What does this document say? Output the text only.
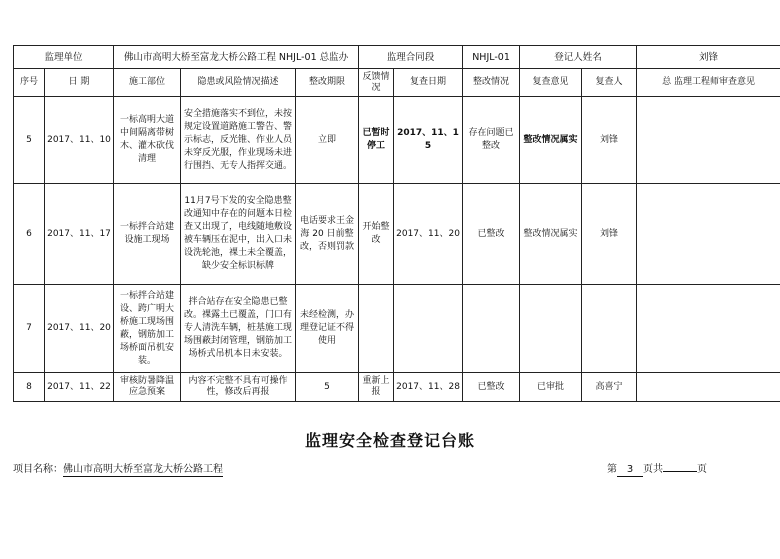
监理单位		佛山市高明大桥至富龙大桥公路工程 NHJL-01 总监办			监理合同段		NHJL-01	登记人姓名		刘锋
序号	日 期	施工部位	隐患或风险情况描述	整改期限	反馈情况	复查日期	整改情况	复查意见	复查人	总 监理工程师审查意见
5	2017、11、10	一标高明大道中间隔离带树木、灌木砍伐清理	安全措施落实不到位，未按规定设置道路施工警告、警示标志，反光锥、作业人员未穿反光服，作业现场未进行围挡、无专人指挥交通。	立即	已暂时停工	2017、11、15	存在问题已整改	整改情况属实	刘锋	
6	2017、11、17	一标拌合站建设施工现场	11月7号下发的安全隐患整改通知中存在的问题本日检查又出现了，电线随地敷设被车辆压在泥中，出入口未设洗轮池，裸土未全覆盖，缺少安全标识标牌	电话要求王金海 20 日前整改，否则罚款	开始整改	2017、11、20	已整改	整改情况属实	刘锋	
7	2017、11、20	一标拌合站建设、跨广明大桥施工现场围蔽，钢筋加工场桥面吊机安装。	拌合站存在安全隐患已整改。裸露土已覆盖，门口有专人清洗车辆，桩基施工现场围蔽封闭管理，钢筋加工场桥式吊机本日未安装。	未经检测，办理登记证不得使用						
8	2017、11、22	审核防暑降温应急预案	内容不完整不具有可操作性，修改后再报	5	重新上报	2017、11、28	已整改	已审批	高喜宁	
监理安全检查登记台账
项目名称：佛山市高明大桥至富龙大桥公路工程	第 3 页共	页
